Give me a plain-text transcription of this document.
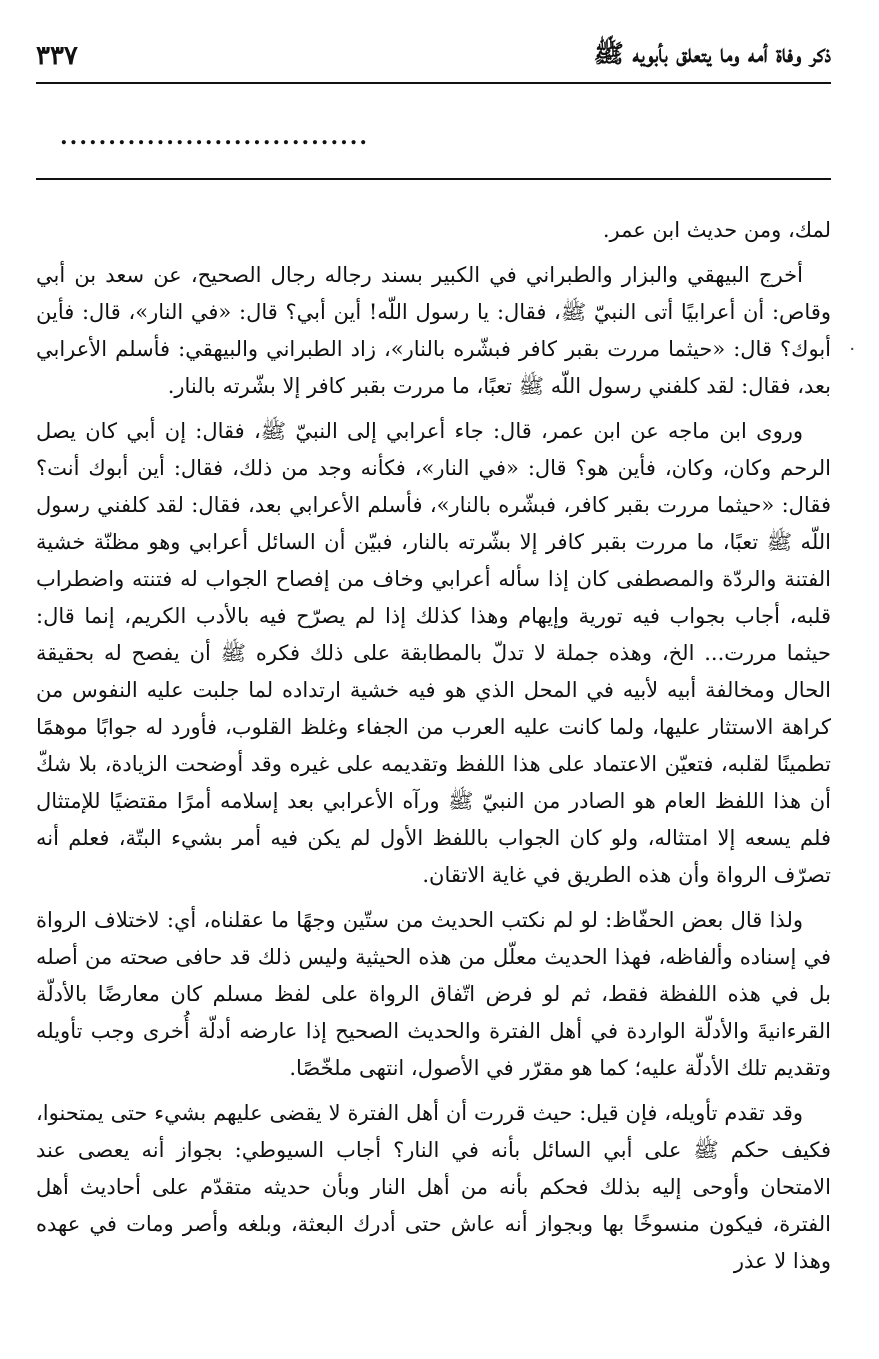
ذكر وفاة أمه وما يتعلق بأبويه ﷺ
٣٣٧
................................
٠

لمك، ومن حديث ابن عمر.

أخرج البيهقي والبزار والطبراني في الكبير بسند رجاله رجال الصحيح، عن سعد بن أبي وقاص: أن أعرابيًا أتى النبيّ ﷺ، فقال: يا رسول اللّه! أين أبي؟ قال: «في النار»، قال: فأين أبوك؟ قال: «حيثما مررت بقبر كافر فبشّره بالنار»، زاد الطبراني والبيهقي: فأسلم الأعرابي بعد، فقال: لقد كلفني رسول اللّه ﷺ تعبًا، ما مررت بقبر كافر إلا بشّرته بالنار.

وروى ابن ماجه عن ابن عمر، قال: جاء أعرابي إلى النبيّ ﷺ، فقال: إن أبي كان يصل الرحم وكان، وكان، فأين هو؟ قال: «في النار»، فكأنه وجد من ذلك، فقال: أين أبوك أنت؟ فقال: «حيثما مررت بقبر كافر، فبشّره بالنار»، فأسلم الأعرابي بعد، فقال: لقد كلفني رسول اللّه ﷺ تعبًا، ما مررت بقبر كافر إلا بشّرته بالنار، فبيّن أن السائل أعرابي وهو مظنّة خشية الفتنة والردّة والمصطفى كان إذا سأله أعرابي وخاف من إفصاح الجواب له فتنته واضطراب قلبه، أجاب بجواب فيه تورية وإيهام وهذا كذلك إذا لم يصرّح فيه بالأدب الكريم، إنما قال: حيثما مررت... الخ، وهذه جملة لا تدلّ بالمطابقة على ذلك فكره ﷺ أن يفصح له بحقيقة الحال ومخالفة أبيه لأبيه في المحل الذي هو فيه خشية ارتداده لما جلبت عليه النفوس من كراهة الاستثار عليها، ولما كانت عليه العرب من الجفاء وغلظ القلوب، فأورد له جوابًا موهمًا تطمينًا لقلبه، فتعيّن الاعتماد على هذا اللفظ وتقديمه على غيره وقد أوضحت الزيادة، بلا شكّ أن هذا اللفظ العام هو الصادر من النبيّ ﷺ ورآه الأعرابي بعد إسلامه أمرًا مقتضيًا للإمتثال فلم يسعه إلا امتثاله، ولو كان الجواب باللفظ الأول لم يكن فيه أمر بشيء البتّة، فعلم أنه تصرّف الرواة وأن هذه الطريق في غاية الاتقان.

ولذا قال بعض الحفّاظ: لو لم نكتب الحديث من ستّين وجهًا ما عقلناه، أي: لاختلاف الرواة في إسناده وألفاظه، فهذا الحديث معلّل من هذه الحيثية وليس ذلك قد حافى صحته من أصله بل في هذه اللفظة فقط، ثم لو فرض اتّفاق الرواة على لفظ مسلم كان معارضًا بالأدلّة القرءانيةَ والأدلّة الواردة في أهل الفترة والحديث الصحيح إذا عارضه أدلّة أُخرى وجب تأويله وتقديم تلك الأدلّة عليه؛ كما هو مقرّر في الأصول، انتهى ملخّصًا.

وقد تقدم تأويله، فإن قيل: حيث قررت أن أهل الفترة لا يقضى عليهم بشيء حتى يمتحنوا، فكيف حكم ﷺ على أبي السائل بأنه في النار؟ أجاب السيوطي: بجواز أنه يعصى عند الامتحان وأوحى إليه بذلك فحكم بأنه من أهل النار وبأن حديثه متقدّم على أحاديث أهل الفترة، فيكون منسوخًا بها وبجواز أنه عاش حتى أدرك البعثة، وبلغه وأصر ومات في عهده وهذا لا عذر
